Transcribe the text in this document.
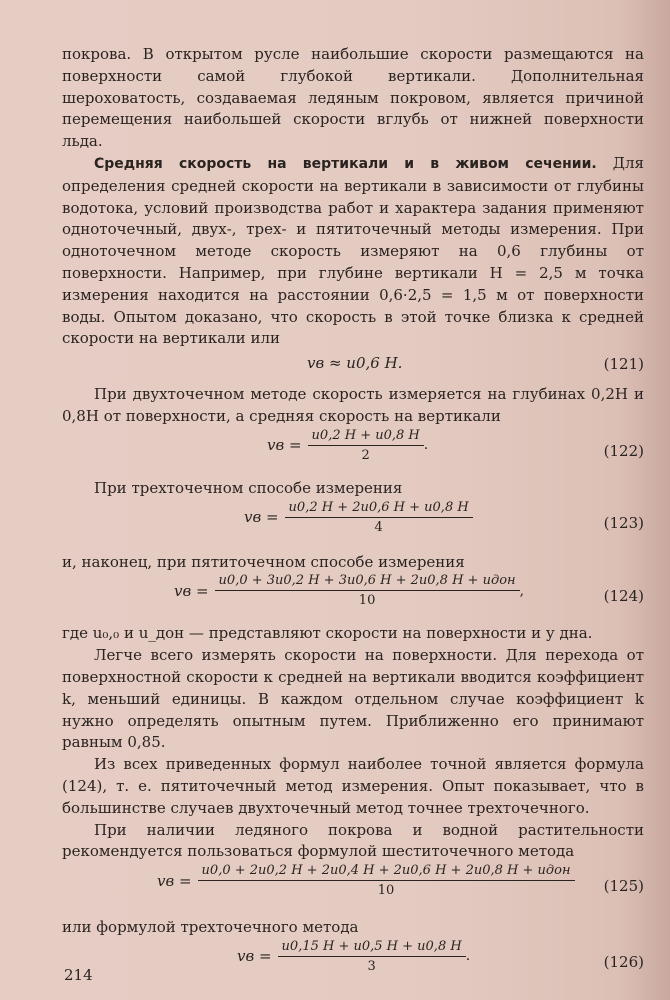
покрова. В открытом русле наибольшие скорости размещаются на поверхности самой глубокой вертикали. Дополнительная шероховатость, создаваемая ледяным покровом, является причиной перемещения наибольшей скорости вглубь от нижней поверхности льда.

Средняя скорость на вертикали и в живом сечении. Для определения средней скорости на вертикали в зависимости от глубины водотока, условий производства работ и характера задания применяют одноточечный, двух-, трех- и пятиточечный методы измерения. При одноточечном методе скорость измеряют на 0,6 глубины от поверхности. Например, при глубине вертикали H = 2,5 м точка измерения находится на расстоянии 0,6·2,5 = 1,5 м от поверхности воды. Опытом доказано, что скорость в этой точке близка к средней скорости на вертикали или

vв ≈ u0,6 H.	(121)

При двухточечном методе скорость измеряется на глубинах 0,2H и 0,8H от поверхности, а средняя скорость на вертикали

vв = $\frac{u0,2 H + u0,8 H}{2}$ .	(122)

При трехточечном способе измерения

vв = $\frac{u0,2 H + 2u0,6 H + u0,8 H}{4}$	(123)

и, наконец, при пятиточечном способе измерения

vв = $\frac{\text{u0,0 + 3u0,2 H + 3u0,6 H + 2u0,8 H + uдон}}{10}$ ,	(124)

где u₀,₀ и u_дон — представляют скорости на поверхности и у дна.

Легче всего измерять скорости на поверхности. Для перехода от поверхностной скорости к средней на вертикали вводится коэффициент k, меньший единицы. В каждом отдельном случае коэффициент k нужно определять опытным путем. Приближенно его принимают равным 0,85.

Из всех приведенных формул наиболее точной является формула (124), т. е. пятиточечный метод измерения. Опыт показывает, что в большинстве случаев двухточечный метод точнее трехточечного.

При наличии ледяного покрова и водной растительности рекомендуется пользоваться формулой шеститочечного метода

vв = $\frac{\text{u0,0 + 2u0,2 H + 2u0,4 H + 2u0,6 H + 2u0,8 H + uдон}}{10} (125)$

или формулой трехточечного метода

vв = $\frac{u0,15 H + u0,5 H + u0,8 H}{3}$ .	(126)
214
